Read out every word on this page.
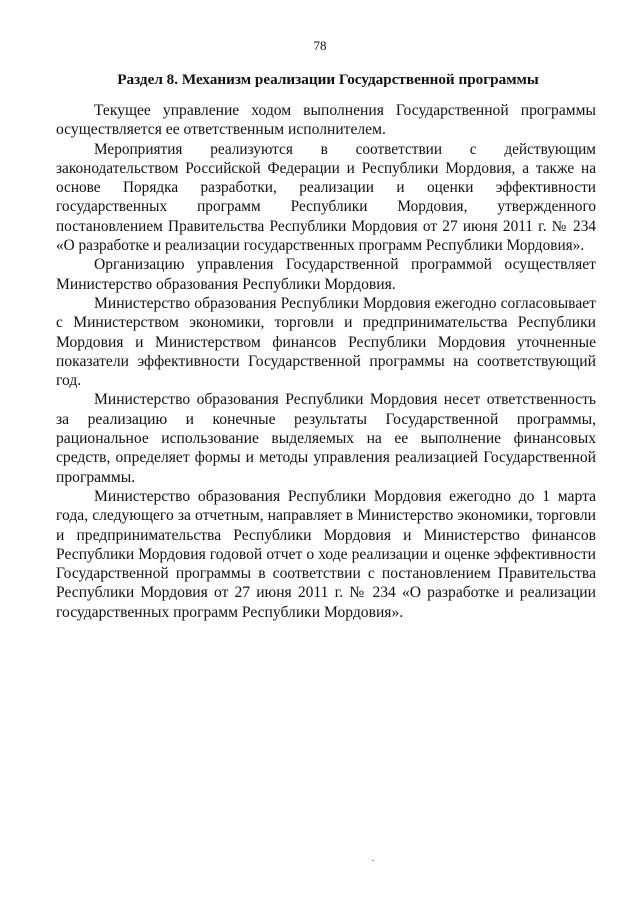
78
Раздел 8. Механизм реализации Государственной программы

Текущее управление ходом выполнения Государственной программы осуществляется ее ответственным исполнителем.

Мероприятия реализуются в соответствии с действующим законодательством Российской Федерации и Республики Мордовия, а также на основе Порядка разработки, реализации и оценки эффективности государственных программ Республики Мордовия, утвержденного постановлением Правительства Республики Мордовия от 27 июня 2011 г. № 234 «О разработке и реализации государственных программ Республики Мордовия».

Организацию управления Государственной программой осуществляет Министерство образования Республики Мордовия.

Министерство образования Республики Мордовия ежегодно согласовывает с Министерством экономики, торговли и предпринимательства Республики Мордовия и Министерством финансов Республики Мордовия уточненные показатели эффективности Государственной программы на соответствующий год.

Министерство образования Республики Мордовия несет ответственность за реализацию и конечные результаты Государственной программы, рациональное использование выделяемых на ее выполнение финансовых средств, определяет формы и методы управления реализацией Государственной программы.

Министерство образования Республики Мордовия ежегодно до 1 марта года, следующего за отчетным, направляет в Министерство экономики, торговли и предпринимательства Республики Мордовия и Министерство финансов Республики Мордовия годовой отчет о ходе реализации и оценке эффективности Государственной программы в соответствии с постановлением Правительства Республики Мордовия от 27 июня 2011 г. № 234 «О разработке и реализации государственных программ Республики Мордовия».
